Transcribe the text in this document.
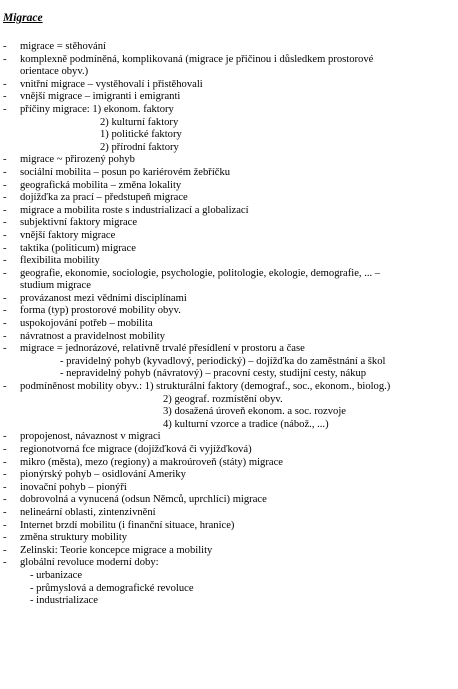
Migrace
- migrace = stěhování
- komplexně podmíněná, komplikovaná (migrace je přičinou i důsledkem prostorové
orientace obyv.)
- vnitřní migrace – vystěhovalí i přistěhovali
- vnější migrace – imigranti i emigranti
- příčiny migrace: 1) ekonom. faktory
2) kulturní faktory
1) politické faktory
2) přírodní faktory
- migrace ~ přirozený pohyb
- sociální mobilita – posun po kariérovém žebříčku
- geografická mobilita – změna lokality
- dojížďka za prací – předstupeň migrace
- migrace a mobilita roste s industrializací a globalizací
- subjektivní faktory migrace
- vnější faktory migrace
- taktika (politicum) migrace
- flexibilita mobility
- geografie, ekonomie, sociologie, psychologie, politologie, ekologie, demografie, ... –
studium migrace
- provázanost mezi vědními disciplínami
- forma (typ) prostorové mobility obyv.
- uspokojování potřeb – mobilita
- návratnost a pravidelnost mobility
- migrace = jednorázové, relativně trvalé přesídlení v prostoru a čase
- pravidelný pohyb (kyvadlový, periodický) – dojížďka do zaměstnání a škol
- nepravidelný pohyb (návratový) – pracovní cesty, studijní cesty, nákup
- podmíněnost mobility obyv.: 1) strukturální faktory (demograf., soc., ekonom., biolog.)
2) geograf. rozmístění obyv.
3) dosažená úroveň ekonom. a soc. rozvoje
4) kulturní vzorce a tradice (nábož., ...)
- propojenost, návaznost v migraci
- regionotvorná fce migrace (dojížďková či vyjížďková)
- mikro (města), mezo (regiony) a makroúroveň (státy) migrace
- pionýrský pohyb – osidlování Ameriky
- inovační pohyb – pionýři
- dobrovolná a vynucená (odsun Němců, uprchlíci) migrace
- nelineární oblasti, zintenzivnění
- Internet brzdí mobilitu (i finanční situace, hranice)
- změna struktury mobility
- Zelinski: Teorie koncepce migrace a mobility
- globální revoluce moderní doby:
- urbanizace
- průmyslová a demografické revoluce
- industrializace
